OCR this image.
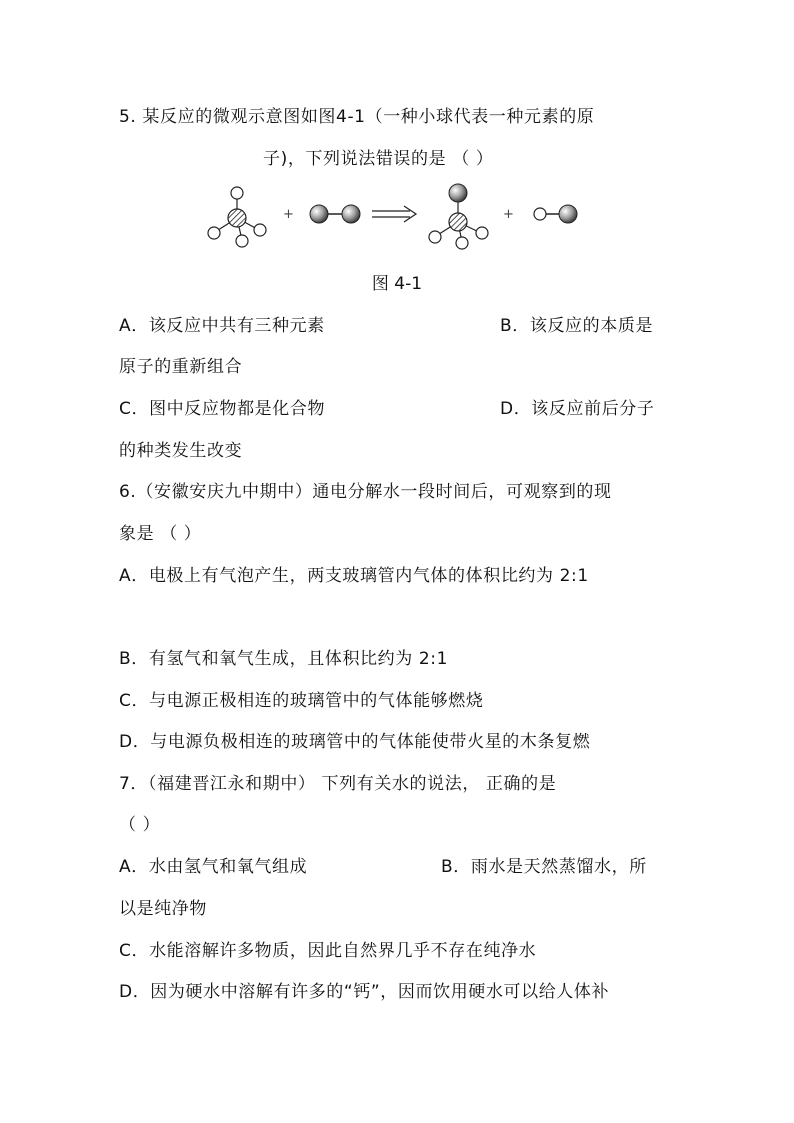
5. 某反应的微观示意图如图4-1（一种小球代表一种元素的原
子)，下列说法错误的是 （ ）
+	+
图 4-1
A．该反应中共有三种元素	B．该反应的本质是
原子的重新组合
C．图中反应物都是化合物	D．该反应前后分子
的种类发生改变
6.（安徽安庆九中期中）通电分解水一段时间后，可观察到的现
象是 （ ）
A．电极上有气泡产生，两支玻璃管内气体的体积比约为 2:1
B．有氢气和氧气生成，且体积比约为 2:1
C．与电源正极相连的玻璃管中的气体能够燃烧
D．与电源负极相连的玻璃管中的气体能使带火星的木条复燃
7．（福建晋江永和期中） 下列有关水的说法， 正确的是
（ ）
A．水由氢气和氧气组成	B．雨水是天然蒸馏水，所
以是纯净物
C．水能溶解许多物质，因此自然界几乎不存在纯净水
D．因为硬水中溶解有许多的“钙”，因而饮用硬水可以给人体补
